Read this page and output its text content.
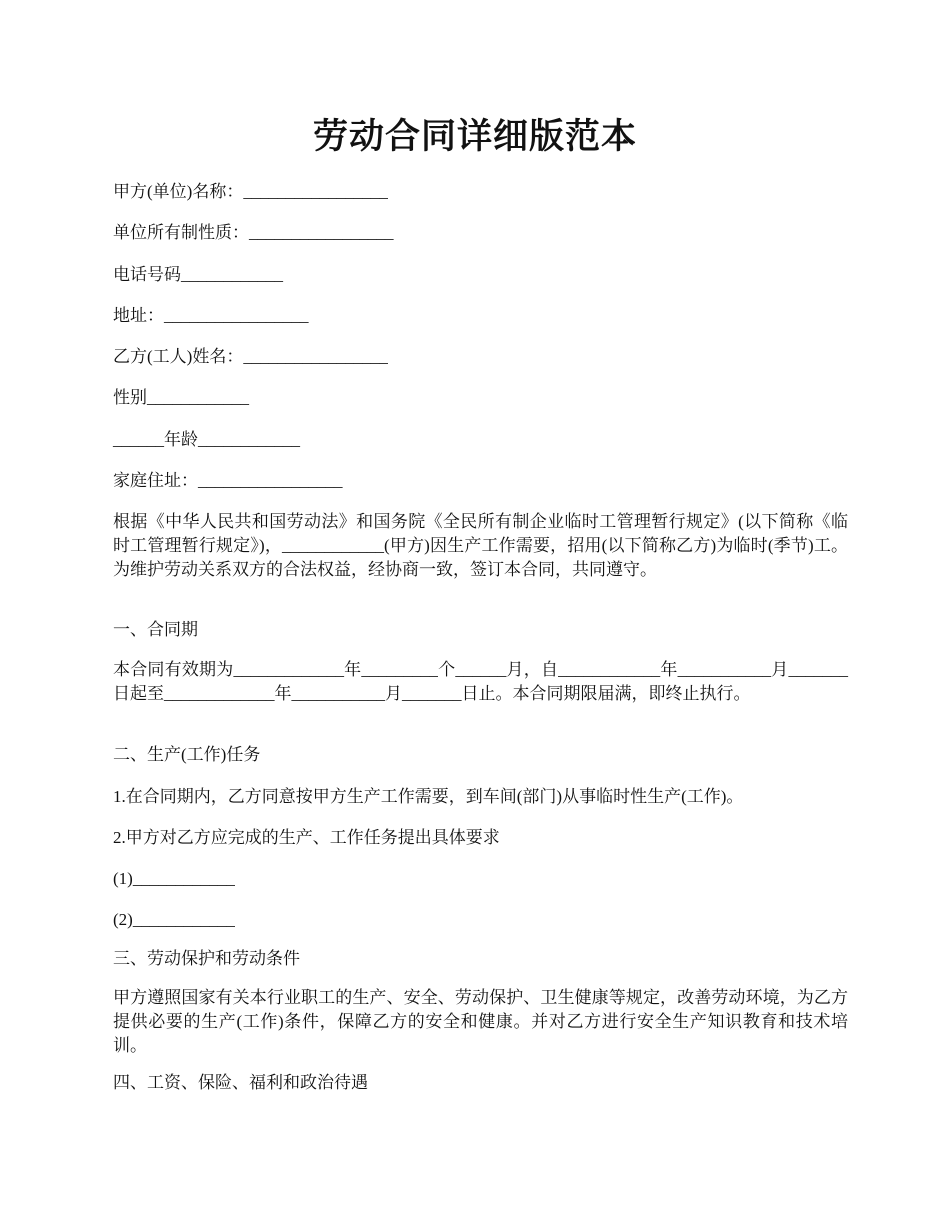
劳动合同详细版范本

甲方(单位)名称：_________________

单位所有制性质：_________________

电话号码____________

地址：_________________

乙方(工人)姓名：_________________

性别____________

______年龄____________

家庭住址：_________________

根据《中华人民共和国劳动法》和国务院《全民所有制企业临时工管理暂行规定》(以下简称《临时工管理暂行规定》)，____________(甲方)因生产工作需要，招用(以下简称乙方)为临时(季节)工。为维护劳动关系双方的合法权益，经协商一致，签订本合同，共同遵守。

一、合同期

本合同有效期为_____________年_________个______月，自____________年___________月_______日起至_____________年___________月_______日止。本合同期限届满，即终止执行。

二、生产(工作)任务

1.在合同期内，乙方同意按甲方生产工作需要，到车间(部门)从事临时性生产(工作)。

2.甲方对乙方应完成的生产、工作任务提出具体要求

(1)____________

(2)____________

三、劳动保护和劳动条件

甲方遵照国家有关本行业职工的生产、安全、劳动保护、卫生健康等规定，改善劳动环境，为乙方提供必要的生产(工作)条件，保障乙方的安全和健康。并对乙方进行安全生产知识教育和技术培训。

四、工资、保险、福利和政治待遇
